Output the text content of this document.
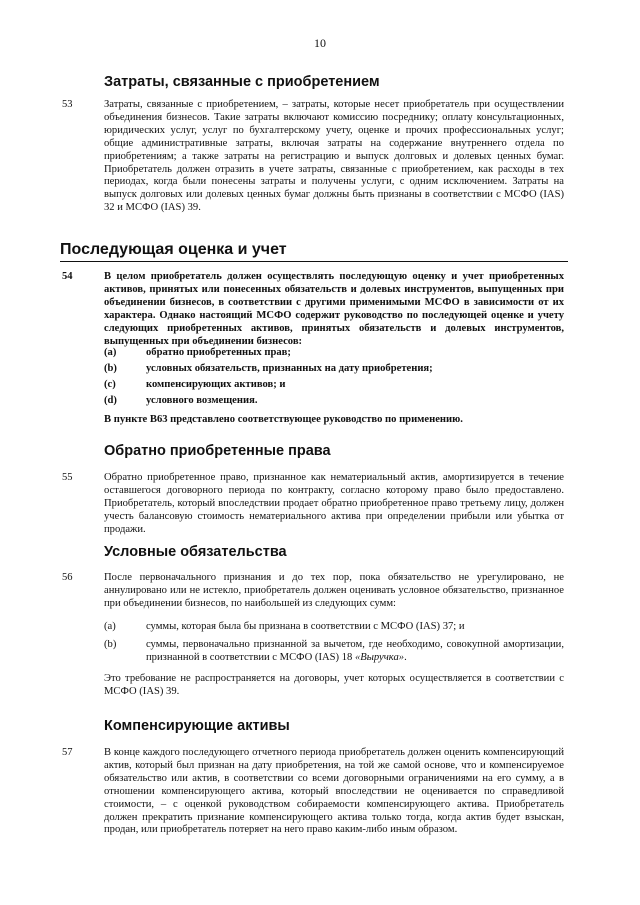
10
Затраты, связанные с приобретением
53	Затраты, связанные с приобретением, – затраты, которые несет приобретатель при осуществлении объединения бизнесов. Такие затраты включают комиссию посреднику; оплату консультационных, юридических услуг, услуг по бухгалтерскому учету, оценке и прочих профессиональных услуг; общие административные затраты, включая затраты на содержание внутреннего отдела по приобретениям; а также затраты на регистрацию и выпуск долговых и долевых ценных бумаг. Приобретатель должен отразить в учете затраты, связанные с приобретением, как расходы в тех периодах, когда были понесены затраты и получены услуги, с одним исключением. Затраты на выпуск долговых или долевых ценных бумаг должны быть признаны в соответствии с МСФО (IAS) 32 и МСФО (IAS) 39.

Последующая оценка и учет
54	В целом приобретатель должен осуществлять последующую оценку и учет приобретенных активов, принятых или понесенных обязательств и долевых инструментов, выпущенных при объединении бизнесов, в соответствии с другими применимыми МСФО в зависимости от их характера. Однако настоящий МСФО содержит руководство по последующей оценке и учету следующих приобретенных активов, принятых обязательств и долевых инструментов, выпущенных при объединении бизнесов:

(a)	обратно приобретенных прав;
(b)	условных обязательств, признанных на дату приобретения;
(c)	компенсирующих активов; и
(d)	условного возмещения.
В пункте B63 представлено соответствующее руководство по применению.
Обратно приобретенные права
55	Обратно приобретенное право, признанное как нематериальный актив, амортизируется в течение оставшегося договорного периода по контракту, согласно которому право было предоставлено. Приобретатель, который впоследствии продает обратно приобретенное право третьему лицу, должен учесть балансовую стоимость нематериального актива при определении прибыли или убытка от продажи.

Условные обязательства
56	После первоначального признания и до тех пор, пока обязательство не урегулировано, не аннулировано или не истекло, приобретатель должен оценивать условное обязательство, признанное при объединении бизнесов, по наибольшей из следующих сумм:

(a)	суммы, которая была бы признана в соответствии с МСФО (IAS) 37; и
(b)	суммы, первоначально признанной за вычетом, где необходимо, совокупной амортизации, признанной в соответствии с МСФО (IAS) 18 «Выручка».

Это требование не распространяется на договоры, учет которых осуществляется в соответствии с МСФО (IAS) 39.

Компенсирующие активы
57	В конце каждого последующего отчетного периода приобретатель должен оценить компенсирующий актив, который был признан на дату приобретения, на той же самой основе, что и компенсируемое обязательство или актив, в соответствии со всеми договорными ограничениями на его сумму, а в отношении компенсирующего актива, который впоследствии не оценивается по справедливой стоимости, – с оценкой руководством собираемости компенсирующего актива. Приобретатель должен прекратить признание компенсирующего актива только тогда, когда актив будет взыскан, продан, или приобретатель потеряет на него право каким-либо иным образом.
